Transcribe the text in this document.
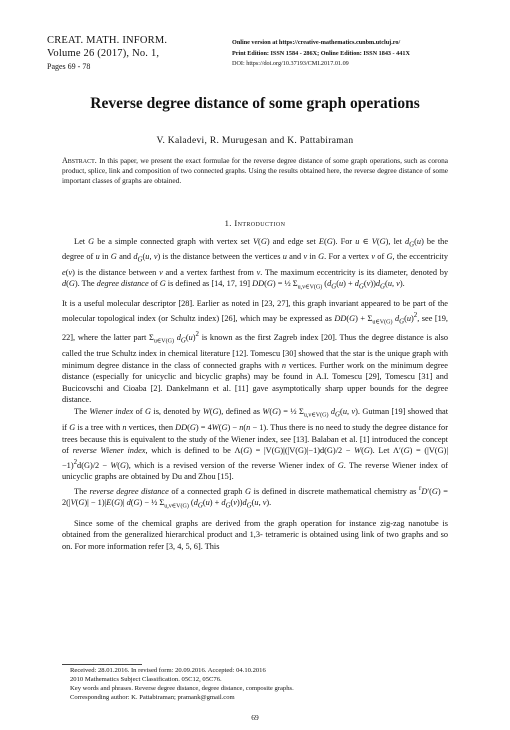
CREAT. MATH. INFORM.
Volume 26 (2017), No. 1,
Pages 69 - 78
Online version at https://creative-mathematics.cunbm.utcluj.ro/
Print Edition: ISSN 1584 - 286X; Online Edition: ISSN 1843 - 441X
DOI: https://doi.org/10.37193/CMI.2017.01.09
Reverse degree distance of some graph operations
V. Kaladevi, R. Murugesan and K. Pattabiraman
Abstract. In this paper, we present the exact formulae for the reverse degree distance of some graph operations, such as corona product, splice, link and composition of two connected graphs. Using the results obtained here, the reverse degree distance of some important classes of graphs are obtained.
1. Introduction

Let G be a simple connected graph with vertex set V(G) and edge set E(G). For u ∈ V(G), let $d_G(u)$ be the degree of u in G and $d_G(u$, v) is the distance between the vertices u and v in G. For a vertex v of G, the eccentricity e(v) is the distance between v and a vertex farthest from v. The maximum eccentricity is its diameter, denoted by d(G). The degree distance of G is defined as [14, 17, 19] DD(G) = ½ $\Sigma_{u,v\in V(G)}$ $(d_G(u) + d_G(v))d_G(u$, v).

It is a useful molecular descriptor [28]. Earlier as noted in [23, 27], this graph invariant appeared to be part of the molecular topological index (or Schultz index) [26], which may be expressed as $DD(G) + \Sigma_{u\in V(G)}$ $d_G(u)^2$, see [19, 22], where the latter part $\Sigma_{u\in V(G)}$ $d_G(u)^2$ is known as the first Zagreb index [20]. Thus the degree distance is also called the true Schultz index in chemical literature [12]. Tomescu [30] showed that the star is the unique graph with minimum degree distance in the class of connected graphs with n vertices. Further work on the minimum degree distance (especially for unicyclic and bicyclic graphs) may be found in A.I. Tomescu [29], Tomescu [31] and Bucicovschi and Cioaba [2]. Dankelmann et al. [11] gave asymptotically sharp upper bounds for the degree distance.

The Wiener index of G is, denoted by W(G), defined as W(G) = ½ $\Sigma_{u,v\in V(G)}$ $d_G(u$, v). Gutman [19] showed that if G is a tree with n vertices, then DD(G) = 4W(G) − n(n − 1). Thus there is no need to study the degree distance for trees because this is equivalent to the study of the Wiener index, see [13]. Balaban et al. [1] introduced the concept of reverse Wiener index, which is defined to be Λ(G) = |V(G)|(|V(G)|−1)d(G)/2 − W(G). Let $\Lambda'(G) = (|V(G)|-1)^2d(G)/2 - W(G)$, which is a revised version of the reverse Wiener index of G. The reverse Wiener index of unicyclic graphs are obtained by Du and Zhou [15].

The reverse degree distance of a connected graph G is defined in discrete mathematical chemistry as $^r$D′(G) = 2(|V(G)| − 1)|E(G)| d(G) − ½ $\Sigma_{u,v\in V(G)}$ $(d_G(u) + d_G(v))d_G(u$, v).

Since some of the chemical graphs are derived from the graph operation for instance zig-zag nanotube is obtained from the generalized hierarchical product and 1,3- tetrameric is obtained using link of two graphs and so on. For more information refer [3, 4, 5, 6]. This

Received: 28.01.2016. In revised form: 20.09.2016. Accepted: 04.10.2016
2010 Mathematics Subject Classification. 05C12, 05C76.
Key words and phrases. Reverse degree distance, degree distance, composite graphs.
Corresponding author: K. Pattabiraman; pramank@gmail.com
69
